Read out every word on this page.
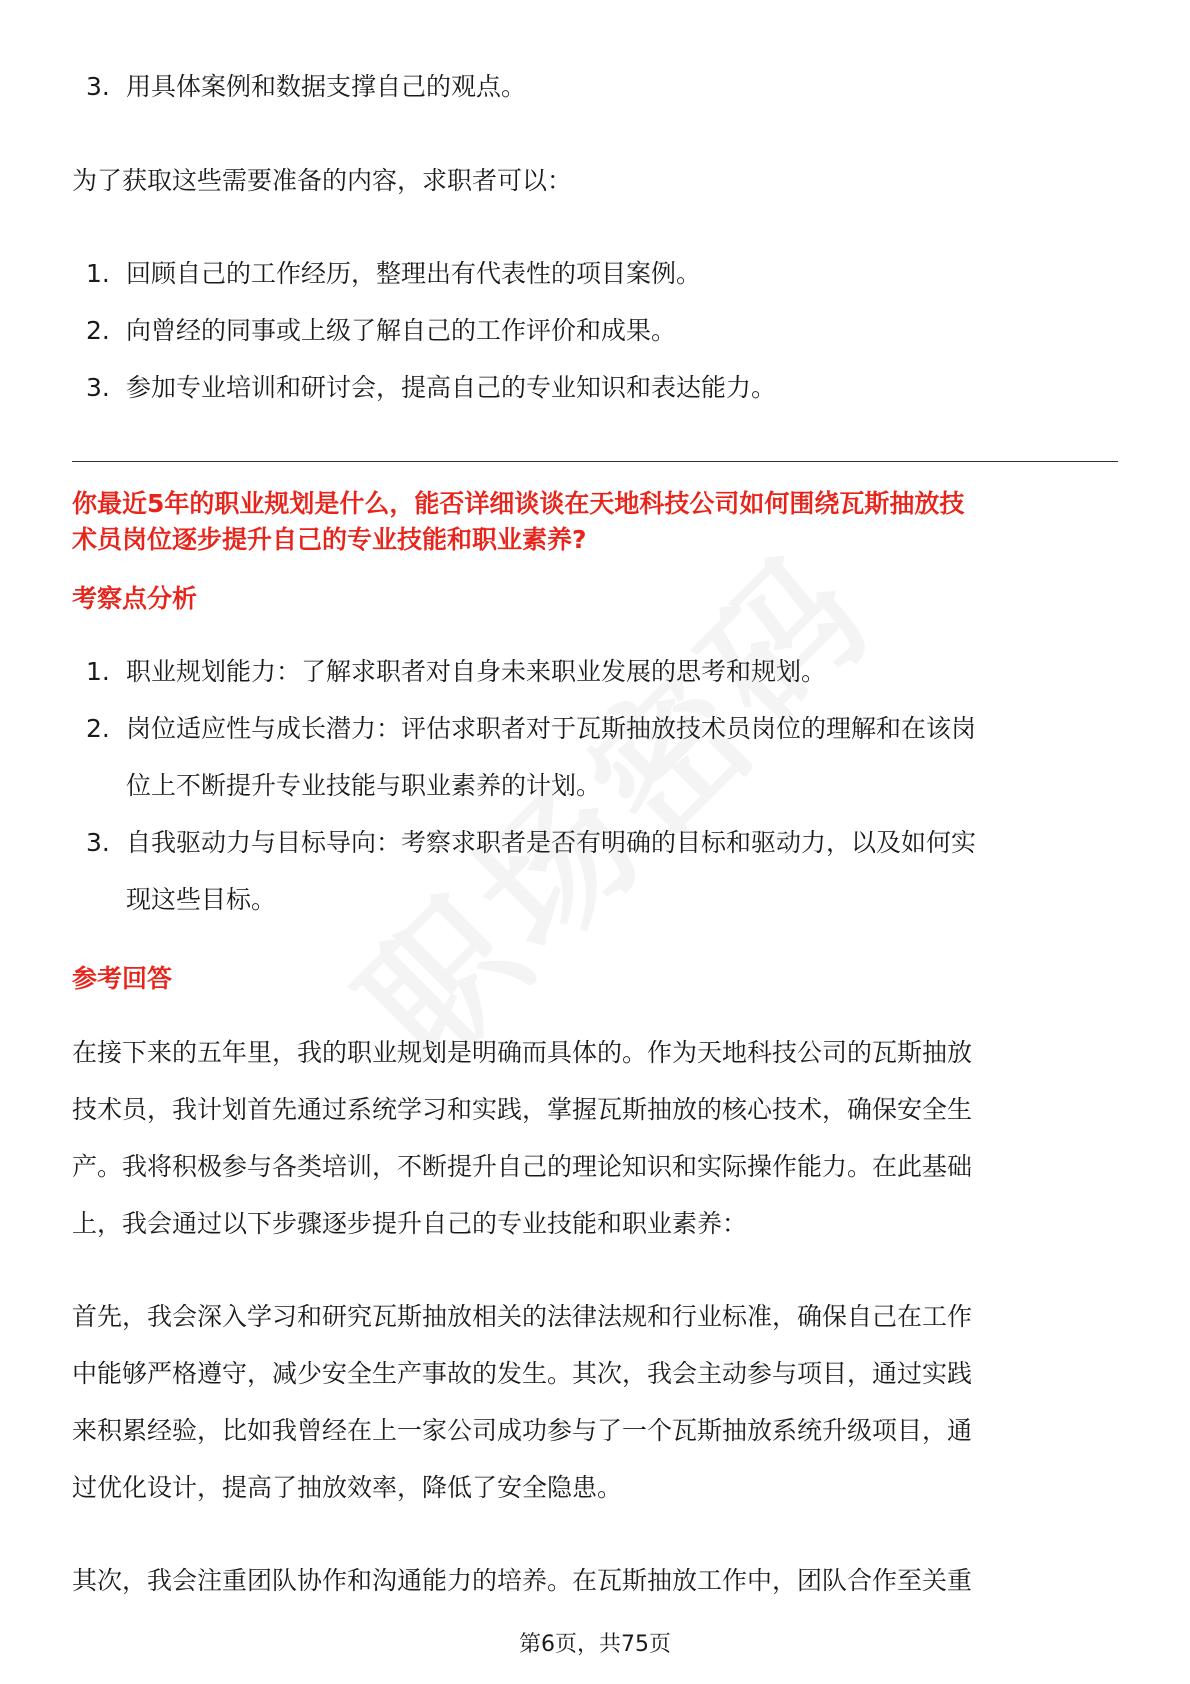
3. 用具体案例和数据支撑自己的观点。
为了获取这些需要准备的内容，求职者可以：
1. 回顾自己的工作经历，整理出有代表性的项目案例。
2. 向曾经的同事或上级了解自己的工作评价和成果。
3. 参加专业培训和研讨会，提高自己的专业知识和表达能力。
你最近5年的职业规划是什么，能否详细谈谈在天地科技公司如何围绕瓦斯抽放技
术员岗位逐步提升自己的专业技能和职业素养?
考察点分析
1. 职业规划能力：了解求职者对自身未来职业发展的思考和规划。
2. 岗位适应性与成长潜力：评估求职者对于瓦斯抽放技术员岗位的理解和在该岗
位上不断提升专业技能与职业素养的计划。
3. 自我驱动力与目标导向：考察求职者是否有明确的目标和驱动力，以及如何实
现这些目标。
参考回答
在接下来的五年里，我的职业规划是明确而具体的。作为天地科技公司的瓦斯抽放
技术员，我计划首先通过系统学习和实践，掌握瓦斯抽放的核心技术，确保安全生
产。我将积极参与各类培训，不断提升自己的理论知识和实际操作能力。在此基础
上，我会通过以下步骤逐步提升自己的专业技能和职业素养：
首先，我会深入学习和研究瓦斯抽放相关的法律法规和行业标准，确保自己在工作
中能够严格遵守，减少安全生产事故的发生。其次，我会主动参与项目，通过实践
来积累经验，比如我曾经在上一家公司成功参与了一个瓦斯抽放系统升级项目，通
过优化设计，提高了抽放效率，降低了安全隐患。
其次，我会注重团队协作和沟通能力的培养。在瓦斯抽放工作中，团队合作至关重
第6页，共75页
